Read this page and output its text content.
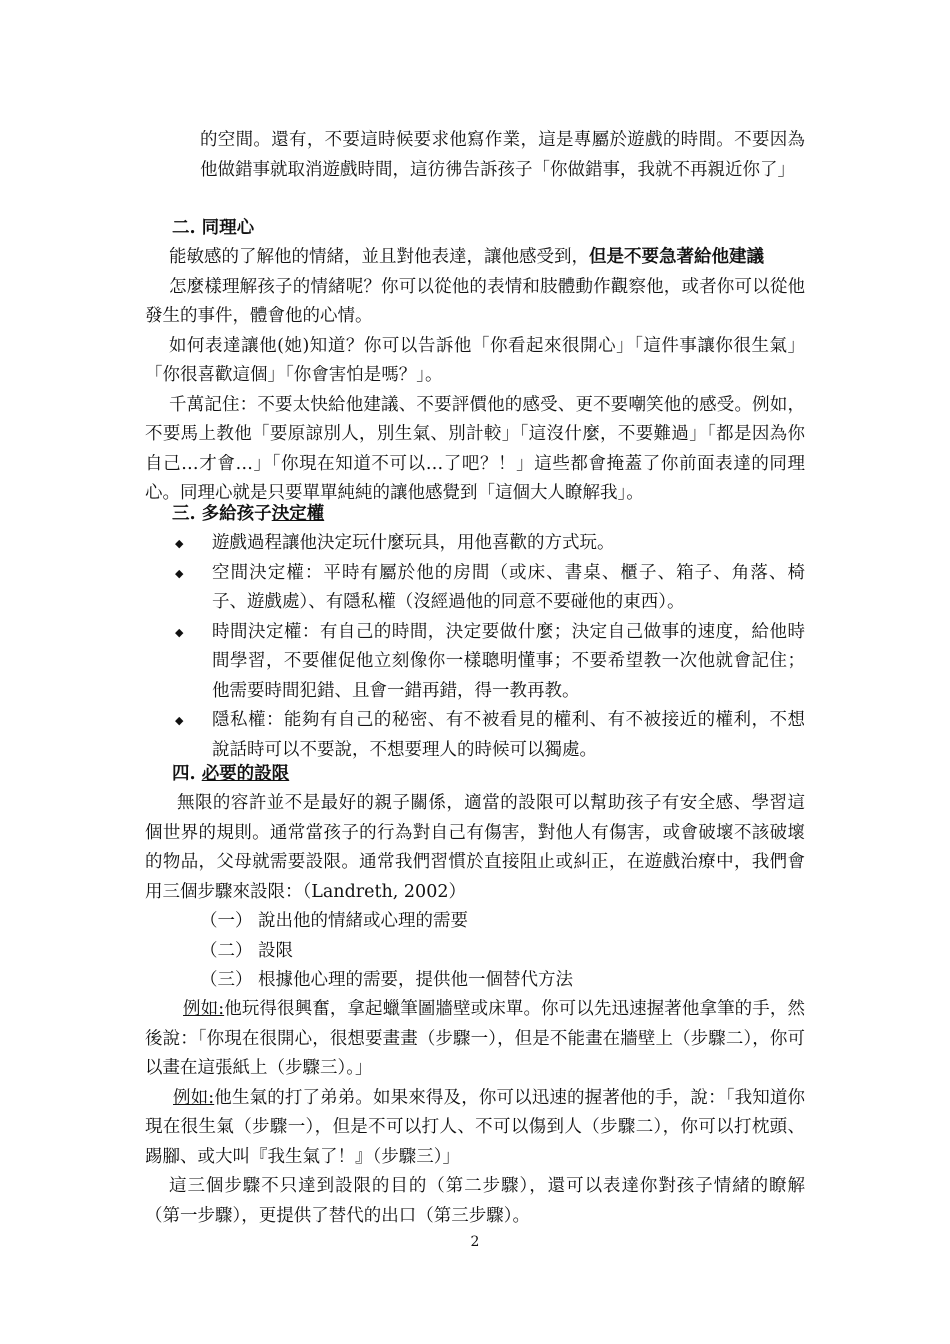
的空間。還有，不要這時候要求他寫作業，這是專屬於遊戲的時間。不要因為他做錯事就取消遊戲時間，這彷彿告訴孩子「你做錯事，我就不再親近你了」

二. 同理心

能敏感的了解他的情緒，並且對他表達，讓他感受到，但是不要急著給他建議

怎麼樣理解孩子的情緒呢？你可以從他的表情和肢體動作觀察他，或者你可以從他發生的事件，體會他的心情。

如何表達讓他(她)知道？你可以告訴他「你看起來很開心」「這件事讓你很生氣」「你很喜歡這個」「你會害怕是嗎？」。

千萬記住：不要太快給他建議、不要評價他的感受、更不要嘲笑他的感受。例如，不要馬上教他「要原諒別人，別生氣、別計較」「這沒什麼，不要難過」「都是因為你自己…才會…」「你現在知道不可以…了吧？！」這些都會掩蓋了你前面表達的同理心。同理心就是只要單單純純的讓他感覺到「這個大人瞭解我」。

三. 多給孩子決定權
◆ 遊戲過程讓他決定玩什麼玩具，用他喜歡的方式玩。
◆ 空間決定權：平時有屬於他的房間（或床、書桌、櫃子、箱子、角落、椅子、遊戲處）、有隱私權（沒經過他的同意不要碰他的東西）。
◆ 時間決定權：有自己的時間，決定要做什麼；決定自己做事的速度，給他時間學習，不要催促他立刻像你一樣聰明懂事；不要希望教一次他就會記住；他需要時間犯錯、且會一錯再錯，得一教再教。
◆ 隱私權：能夠有自己的秘密、有不被看見的權利、有不被接近的權利，不想說話時可以不要說，不想要理人的時候可以獨處。
四. 必要的設限

無限的容許並不是最好的親子關係，適當的設限可以幫助孩子有安全感、學習這個世界的規則。通常當孩子的行為對自己有傷害，對他人有傷害，或會破壞不該破壞的物品，父母就需要設限。通常我們習慣於直接阻止或糾正，在遊戲治療中，我們會用三個步驟來設限：（Landreth, 2002）

（一） 說出他的情緒或心理的需要
（二） 設限
（三） 根據他心理的需要，提供他一個替代方法

例如:他玩得很興奮，拿起蠟筆圖牆壁或床單。你可以先迅速握著他拿筆的手，然後說：「你現在很開心，很想要畫畫（步驟一），但是不能畫在牆壁上（步驟二），你可以畫在這張紙上（步驟三）。」

例如:他生氣的打了弟弟。如果來得及，你可以迅速的握著他的手，說：「我知道你現在很生氣（步驟一），但是不可以打人、不可以傷到人（步驟二），你可以打枕頭、踢腳、或大叫『我生氣了！』（步驟三）」

這三個步驟不只達到設限的目的（第二步驟），還可以表達你對孩子情緒的瞭解（第一步驟），更提供了替代的出口（第三步驟）。

2
